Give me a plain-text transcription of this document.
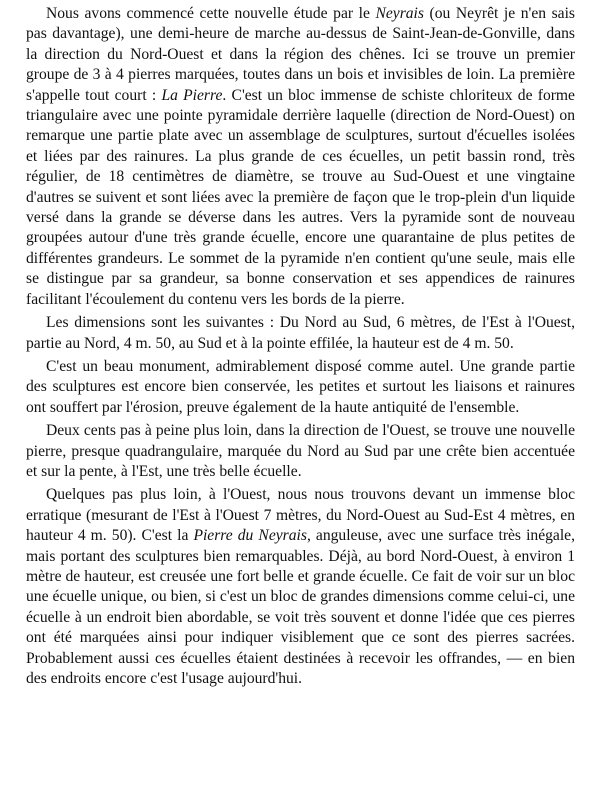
Nous avons commencé cette nouvelle étude par le Neyrais (ou Neyrêt je n'en sais pas davantage), une demi-heure de marche au-dessus de Saint-Jean-de-Gonville, dans la direction du Nord-Ouest et dans la région des chênes. Ici se trouve un premier groupe de 3 à 4 pierres marquées, toutes dans un bois et invisibles de loin. La première s'appelle tout court : La Pierre. C'est un bloc immense de schiste chloriteux de forme triangulaire avec une pointe pyramidale derrière laquelle (direction de Nord-Ouest) on remarque une partie plate avec un assemblage de sculptures, surtout d'écuelles isolées et liées par des rainures. La plus grande de ces écuelles, un petit bassin rond, très régulier, de 18 centimètres de diamètre, se trouve au Sud-Ouest et une vingtaine d'autres se suivent et sont liées avec la première de façon que le trop-plein d'un liquide versé dans la grande se déverse dans les autres. Vers la pyramide sont de nouveau groupées autour d'une très grande écuelle, encore une quarantaine de plus petites de différentes grandeurs. Le sommet de la pyramide n'en contient qu'une seule, mais elle se distingue par sa grandeur, sa bonne conservation et ses appendices de rainures facilitant l'écoulement du contenu vers les bords de la pierre.

Les dimensions sont les suivantes : Du Nord au Sud, 6 mètres, de l'Est à l'Ouest, partie au Nord, 4 m. 50, au Sud et à la pointe effilée, la hauteur est de 4 m. 50.

C'est un beau monument, admirablement disposé comme autel. Une grande partie des sculptures est encore bien conservée, les petites et surtout les liaisons et rainures ont souffert par l'érosion, preuve également de la haute antiquité de l'ensemble.

Deux cents pas à peine plus loin, dans la direction de l'Ouest, se trouve une nouvelle pierre, presque quadrangulaire, marquée du Nord au Sud par une crête bien accentuée et sur la pente, à l'Est, une très belle écuelle.

Quelques pas plus loin, à l'Ouest, nous nous trouvons devant un immense bloc erratique (mesurant de l'Est à l'Ouest 7 mètres, du Nord-Ouest au Sud-Est 4 mètres, en hauteur 4 m. 50). C'est la Pierre du Neyrais, anguleuse, avec une surface très inégale, mais portant des sculptures bien remarquables. Déjà, au bord Nord-Ouest, à environ 1 mètre de hauteur, est creusée une fort belle et grande écuelle. Ce fait de voir sur un bloc une écuelle unique, ou bien, si c'est un bloc de grandes dimensions comme celui-ci, une écuelle à un endroit bien abordable, se voit très souvent et donne l'idée que ces pierres ont été marquées ainsi pour indiquer visiblement que ce sont des pierres sacrées. Probablement aussi ces écuelles étaient destinées à recevoir les offrandes, — en bien des endroits encore c'est l'usage aujourd'hui.
